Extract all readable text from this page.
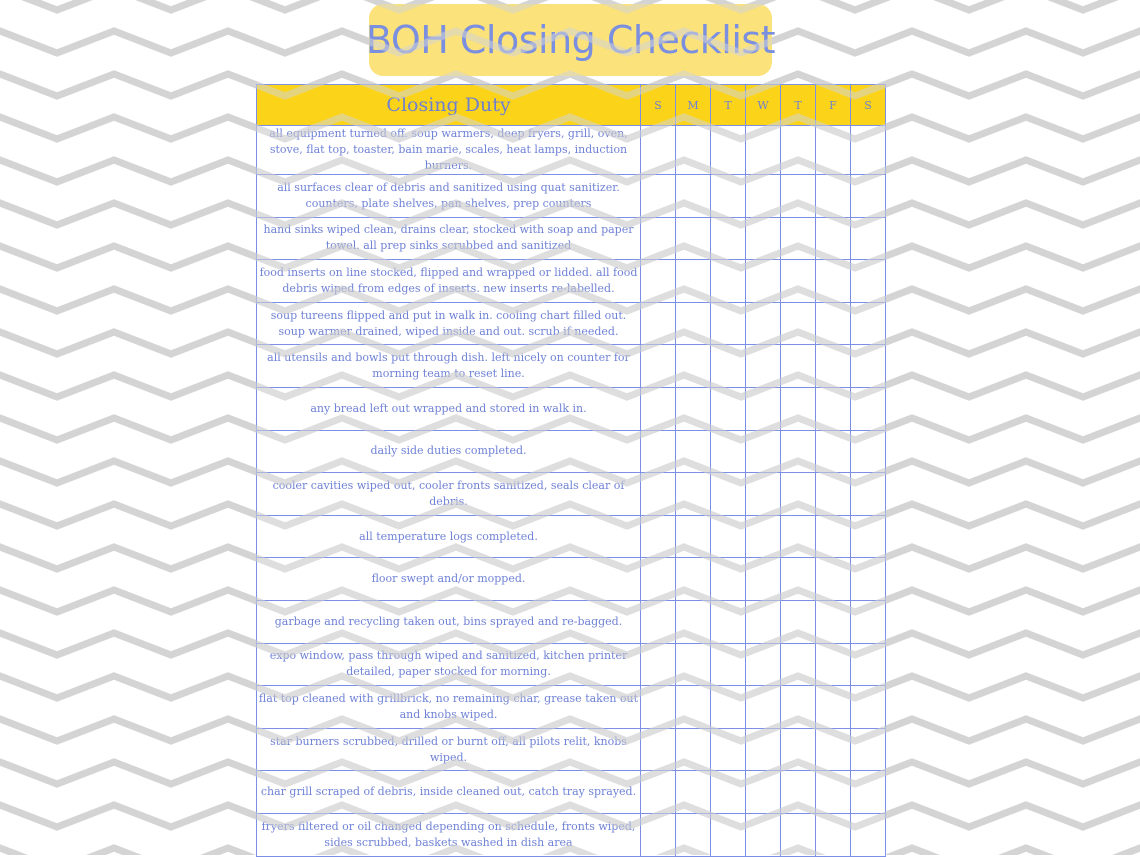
BOH Closing Checklist
Closing Duty	S	M	T	W	T	F	S
all equipment turned off. soup warmers, deep fryers, grill, oven, stove, flat top, toaster, bain marie, scales, heat lamps, induction burners.							
all surfaces clear of debris and sanitized using quat sanitizer. counters, plate shelves, pan shelves, prep counters							
hand sinks wiped clean, drains clear, stocked with soap and paper towel. all prep sinks scrubbed and sanitized							
food inserts on line stocked, flipped and wrapped or lidded. all food debris wiped from edges of inserts. new inserts re-labelled.							
soup tureens flipped and put in walk in. cooling chart filled out. soup warmer drained, wiped inside and out. scrub if needed.							
all utensils and bowls put through dish. left nicely on counter for morning team to reset line.							
any bread left out wrapped and stored in walk in.							
daily side duties completed.							
cooler cavities wiped out, cooler fronts sanitized, seals clear of debris.							
all temperature logs completed.							
floor swept and/or mopped.							
garbage and recycling taken out, bins sprayed and re-bagged.							
expo window, pass through wiped and sanitized, kitchen printer detailed, paper stocked for morning.							
flat top cleaned with grillbrick, no remaining char, grease taken out and knobs wiped.							
star burners scrubbed, drilled or burnt off, all pilots relit, knobs wiped.							
char grill scraped of debris, inside cleaned out, catch tray sprayed.							
fryers filtered or oil changed depending on schedule, fronts wiped, sides scrubbed, baskets washed in dish area							
